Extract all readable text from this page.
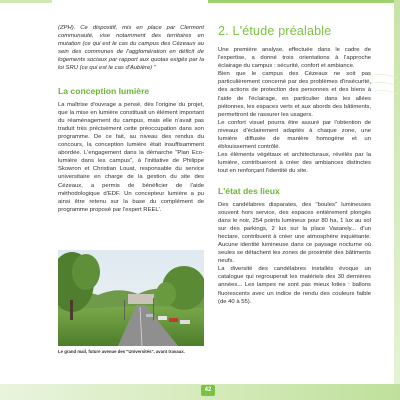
(ZPH). Ce dispositif, mis en place par Clermont communauté, vise notamment des territoires en mutation (ce qui est le cas du campus des Cézeaux au sein des communes de l'agglomération en déficit de logements sociaux par rapport aux quotas exigés par la loi SRU (ce qui est le cas d'Aubière) ''

La conception lumière

La maîtrise d'ouvrage a pensé, dès l'origine du projet, que la mise en lumière constituait un élément important du réaménagement du campus, mais elle n'avait pas traduit très précisément cette préoccupation dans son programme. De ce fait, au niveau des rendus du concours, la conception lumière était insuffisamment abordée. L'engagement dans la démarche "Plan Eco-lumière dans les campus", à l'initiative de Philippe Skowron et Christian Louat, responsable du service universitaire en charge de la gestion du site des Cézeaux, a permis de bénéficier de l'aide méthodologique d'EDF. Un concepteur lumière a pu ainsi être retenu sur la base du complément de programme proposé par l'expert REEL'.

Le grand mail, future avenue des "Universités", avant travaux.

2. L'étude préalable

Une première analyse, effectuée dans le cadre de l'expertise, a donné trois orientations à l'approche éclairage du campus : sécurité, confort et ambiance.

Bien que le campus des Cézeaux ne soit pas particulièrement concerné par des problèmes d'insécurité, des actions de protection des personnes et des biens à l'aide de l'éclairage, en particulier dans les allées piétonnes, les espaces verts et aux abords des bâtiments, permettront de rassurer les usagers.

Le confort visuel pourra être assuré par l'obtention de niveaux d'éclairement adaptés à chaque zone, une lumière diffusée de manière homogène et un éblouissement contrôlé.

Les éléments végétaux et architecturaux, révélés par la lumière, contribueront à créer des ambiances distinctes tout en renforçant l'identité du site.

L'état des lieux

Des candélabres disparates, des "boules" lumineuses souvent hors service, des espaces entièrement plongés dans le noir, 254 points lumineux pour 80 ha, 1 lux au sol sur des parkings, 2 lux sur la place Vasarely... d'un hectare, contribuent à créer une atmosphère inquiétante. Aucune identité lumineuse dans ce paysage nocturne où seules se détachent les zones de proximité des bâtiments neufs.

La diversité des candélabres installés évoque un catalogue qui regrouperait les matériels des 30 dernières années... Les lampes ne sont pas mieux loties : ballons fluorescents avec un indice de rendu des couleurs faible (de 40 à 55).

42
